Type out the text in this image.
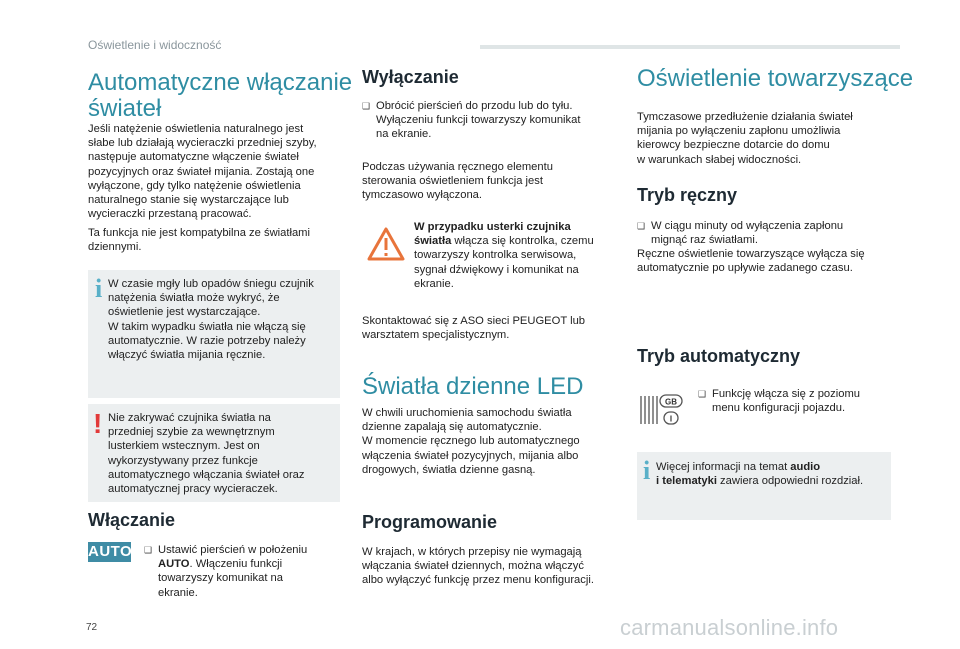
Oświetlenie i widoczność
Automatyczne włączanie
świateł
Jeśli natężenie oświetlenia naturalnego jest
słabe lub działają wycieraczki przedniej szyby,
następuje automatyczne włączenie świateł
pozycyjnych oraz świateł mijania. Zostają one
wyłączone, gdy tylko natężenie oświetlenia
naturalnego stanie się wystarczające lub
wycieraczki przestaną pracować.
Ta funkcja nie jest kompatybilna ze światłami
dziennymi.
i W czasie mgły lub opadów śniegu czujnik
natężenia światła może wykryć, że
oświetlenie jest wystarczające.
W takim wypadku światła nie włączą się
automatycznie. W razie potrzeby należy
włączyć światła mijania ręcznie.
! Nie zakrywać czujnika światła na
przedniej szybie za wewnętrznym
lusterkiem wstecznym. Jest on
wykorzystywany przez funkcje
automatycznego włączania świateł oraz
automatycznej pracy wycieraczek.
Włączanie
AUTO ❑ Ustawić pierścień w położeniu
AUTO. Włączeniu funkcji
towarzyszy komunikat na
ekranie.
Wyłączanie
❑ Obrócić pierścień do przodu lub do tyłu.
Wyłączeniu funkcji towarzyszy komunikat
na ekranie.
Podczas używania ręcznego elementu
sterowania oświetleniem funkcja jest
tymczasowo wyłączona.
W przypadku usterki czujnika
światła włącza się kontrolka, czemu
towarzyszy kontrolka serwisowa,
sygnał dźwiękowy i komunikat na
ekranie.
Skontaktować się z ASO sieci PEUGEOT lub
warsztatem specjalistycznym.
Światła dzienne LED
W chwili uruchomienia samochodu światła
dzienne zapalają się automatycznie.
W momencie ręcznego lub automatycznego
włączenia świateł pozycyjnych, mijania albo
drogowych, światła dzienne gasną.
Programowanie
W krajach, w których przepisy nie wymagają
włączania świateł dziennych, można włączyć
albo wyłączyć funkcję przez menu konfiguracji.
Oświetlenie towarzyszące
Tymczasowe przedłużenie działania świateł
mijania po wyłączeniu zapłonu umożliwia
kierowcy bezpieczne dotarcie do domu
w warunkach słabej widoczności.
Tryb ręczny
❑ W ciągu minuty od wyłączenia zapłonu
mignąć raz światłami.
Ręczne oświetlenie towarzyszące wyłącza się
automatycznie po upływie zadanego czasu.
Tryb automatyczny
GB
I
❑ Funkcję włącza się z poziomu
menu konfiguracji pojazdu.
i Więcej informacji na temat audio
i telematyki zawiera odpowiedni rozdział.
72	carmanualsonline.info
